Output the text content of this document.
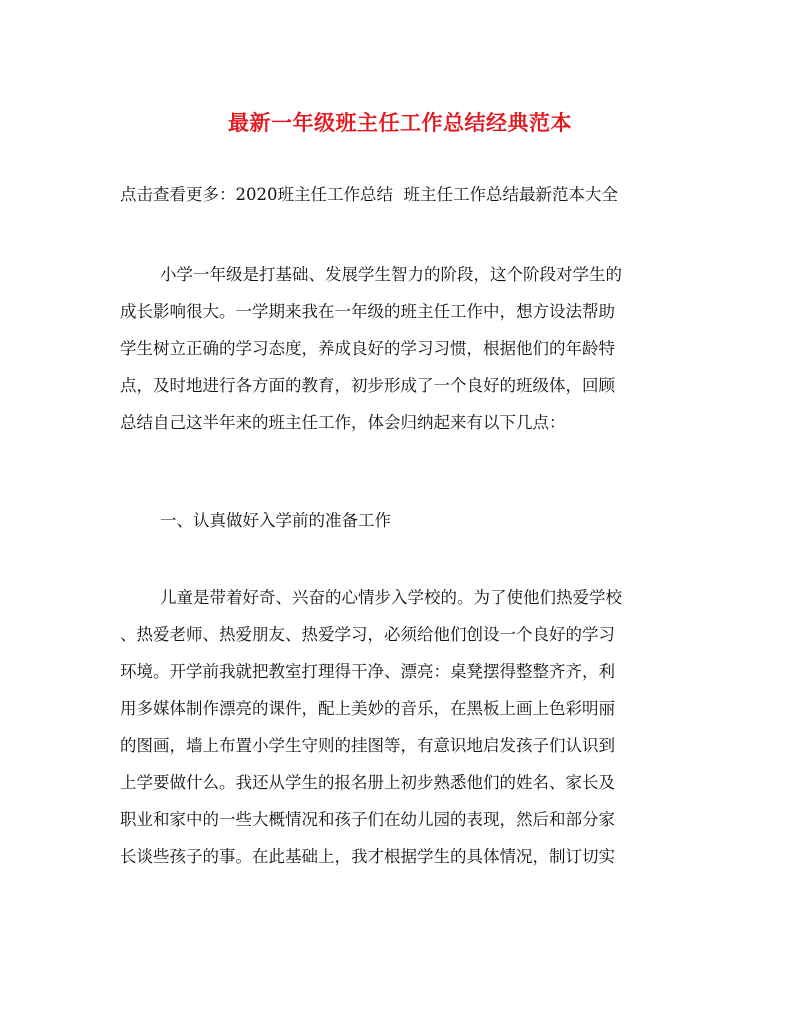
最新一年级班主任工作总结经典范本
点击查看更多：2020班主任工作总结 班主任工作总结最新范本大全
小学一年级是打基础、发展学生智力的阶段，这个阶段对学生的
成长影响很大。一学期来我在一年级的班主任工作中，想方设法帮助
学生树立正确的学习态度，养成良好的学习习惯，根据他们的年龄特
点，及时地进行各方面的教育，初步形成了一个良好的班级体，回顾
总结自己这半年来的班主任工作，体会归纳起来有以下几点：
一、认真做好入学前的准备工作
儿童是带着好奇、兴奋的心情步入学校的。为了使他们热爱学校
、热爱老师、热爱朋友、热爱学习，必须给他们创设一个良好的学习
环境。开学前我就把教室打理得干净、漂亮：桌凳摆得整整齐齐，利
用多媒体制作漂亮的课件，配上美妙的音乐，在黑板上画上色彩明丽
的图画，墙上布置小学生守则的挂图等，有意识地启发孩子们认识到
上学要做什么。我还从学生的报名册上初步熟悉他们的姓名、家长及
职业和家中的一些大概情况和孩子们在幼儿园的表现，然后和部分家
长谈些孩子的事。在此基础上，我才根据学生的具体情况，制订切实
